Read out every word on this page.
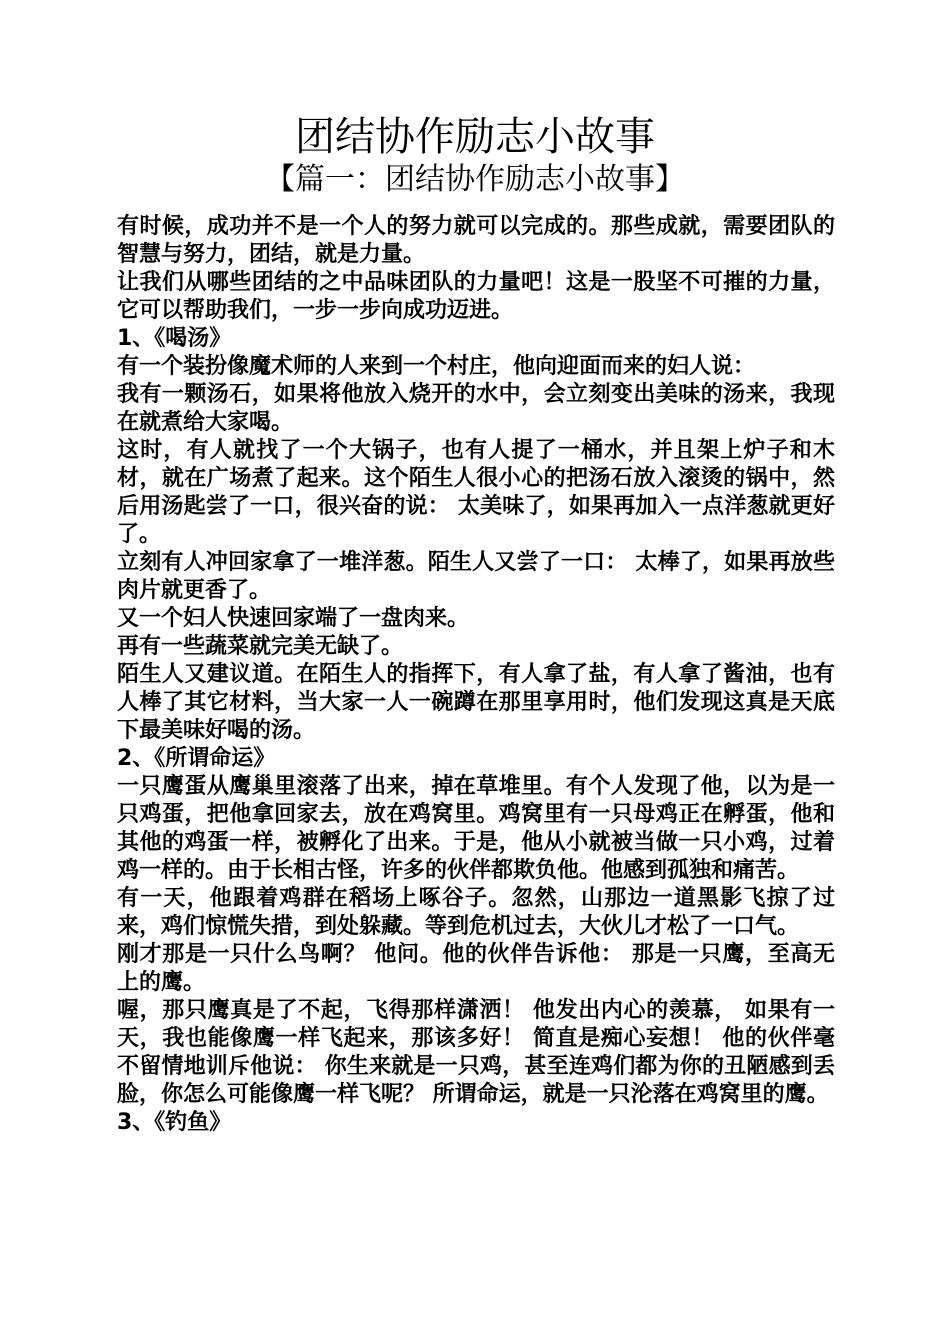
团结协作励志小故事
【篇一：团结协作励志小故事】

有时候，成功并不是一个人的努力就可以完成的。那些成就，需要团队的智慧与努力，团结，就是力量。

让我们从哪些团结的之中品味团队的力量吧！这是一股坚不可摧的力量，它可以帮助我们，一步一步向成功迈进。

1、《喝汤》

有一个装扮像魔术师的人来到一个村庄，他向迎面而来的妇人说：

我有一颗汤石，如果将他放入烧开的水中，会立刻变出美味的汤来，我现在就煮给大家喝。

这时，有人就找了一个大锅子，也有人提了一桶水，并且架上炉子和木材，就在广场煮了起来。这个陌生人很小心的把汤石放入滚烫的锅中，然后用汤匙尝了一口，很兴奋的说： 太美味了，如果再加入一点洋葱就更好了。

立刻有人冲回家拿了一堆洋葱。陌生人又尝了一口： 太棒了，如果再放些肉片就更香了。

又一个妇人快速回家端了一盘肉来。

再有一些蔬菜就完美无缺了。

陌生人又建议道。在陌生人的指挥下，有人拿了盐，有人拿了酱油，也有人棒了其它材料，当大家一人一碗蹲在那里享用时，他们发现这真是天底下最美味好喝的汤。

2、《所谓命运》

一只鹰蛋从鹰巢里滚落了出来，掉在草堆里。有个人发现了他，以为是一只鸡蛋，把他拿回家去，放在鸡窝里。鸡窝里有一只母鸡正在孵蛋，他和其他的鸡蛋一样，被孵化了出来。于是，他从小就被当做一只小鸡，过着鸡一样的。由于长相古怪，许多的伙伴都欺负他。他感到孤独和痛苦。

有一天，他跟着鸡群在稻场上啄谷子。忽然，山那边一道黑影飞掠了过来，鸡们惊慌失措，到处躲藏。等到危机过去，大伙儿才松了一口气。

刚才那是一只什么鸟啊？ 他问。他的伙伴告诉他： 那是一只鹰，至高无上的鹰。

喔，那只鹰真是了不起，飞得那样潇洒！ 他发出内心的羡慕， 如果有一天，我也能像鹰一样飞起来，那该多好！ 简直是痴心妄想！ 他的伙伴毫不留情地训斥他说： 你生来就是一只鸡，甚至连鸡们都为你的丑陋感到丢脸，你怎么可能像鹰一样飞呢？ 所谓命运，就是一只沦落在鸡窝里的鹰。

3、《钓鱼》
